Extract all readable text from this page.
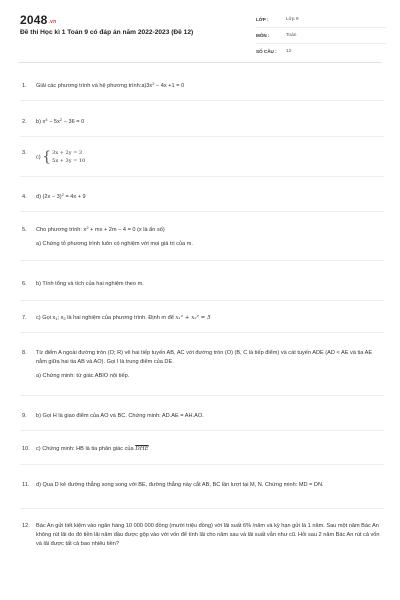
2048.vn
Đề thi Học kì 1 Toán 9 có đáp án năm 2022-2023 (Đề 12)
LỚP :	Lớp 9
MÔN :	Toán
SỐ CÂU :	12
1.	Giải các phương trình và hệ phương $trình:a)3x^2 - 4x +1 = 0$
2.	b) $x^4 - 5x^2 - 36 = 0$
3.
c) { 3x + 2y = 3
5x + 3y = 10
4.	d) $(2x - 3)^2 = 4x + 9$
5.	Cho phương trình: $x^2$ + mx + 2m − 4 = 0 (x là ẩn số)
a) Chứng tỏ phương trình luôn có nghiệm với mọi giá trị của m.
6.	b) Tính tổng và tích của hai nghiệm theo m.
7.	c) Gọi $x_1$; $x_2$ là hai nghiệm của phương trình. Định m để x₁² + x₂² = 5
8.	Từ điểm A ngoài đường tròn (O; R) vẽ hai tiếp tuyến AB, AC với đường tròn (O) (B, C là tiếp điểm) và cát tuyến ADE (AD < AE và tia AE nằm giữa hai tia AB và AO). Gọi I là trung điểm của DE.
a) Chứng minh: tứ giác ABIO nội tiếp.
9.	b) Gọi H là giao điểm của AO và BC. Chứng minh: AD.AE = AH.AO.
10.	c) Chứng minh: HB là tia phân giác của $\overline{DHE}$
11.	d) Qua D kẻ đường thẳng song song với BE, đường thẳng này cắt AB, BC lần lượt tại M, N. Chứng minh: MD = DN.
12.	Bác An gửi tiết kiệm vào ngân hàng 10 000 000 đồng (mười triệu đồng) với lãi suất 6% /năm và kỳ hạn gửi là 1 năm. Sau một năm Bác An không rút lãi do đó tiền lãi năm đầu được gộp vào với vốn để tính lãi cho năm sau và lãi suất vẫn như cũ. Hỏi sau 2 năm Bác An rút cả vốn và lãi được tất cả bao nhiêu tiền?
